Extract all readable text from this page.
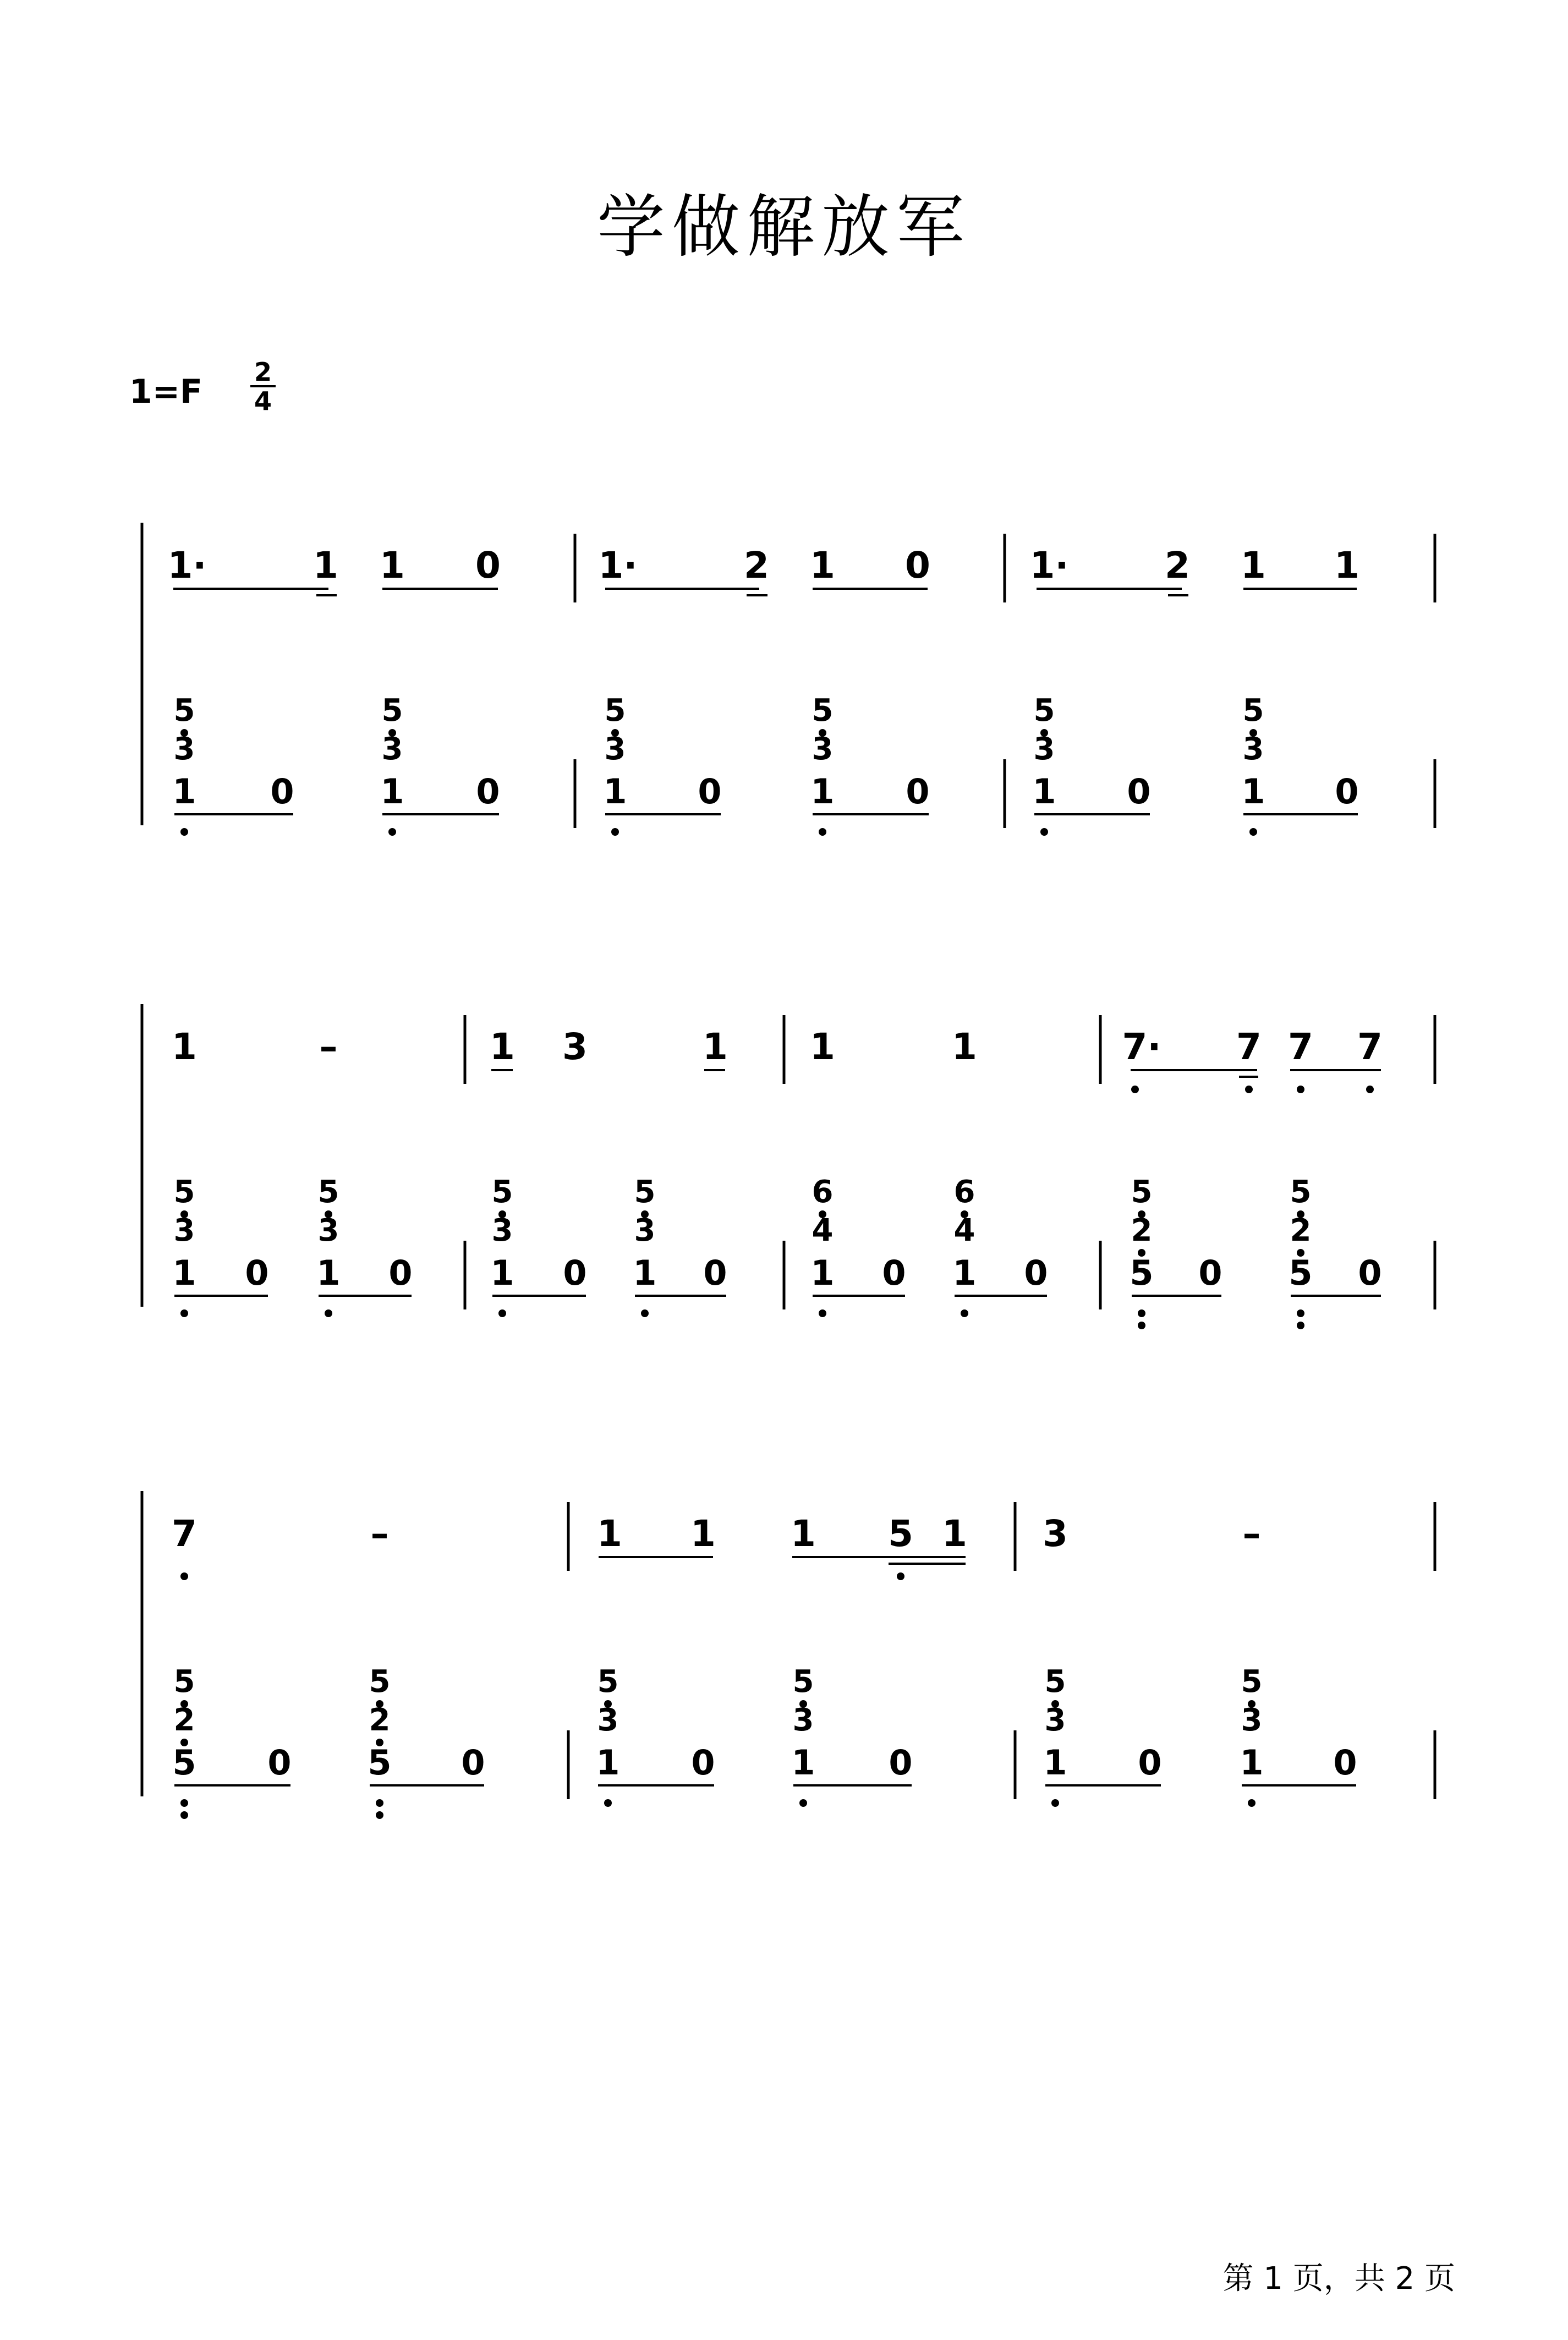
学做解放军
1=F
2
4
1·	1 1 0	1·	2 1 0	1·	2 1 1
5
3
1 0
5
3
1 0
5
3
1 0
5
3
1 0
5
3
1 0
5
3
1 0
1	–	1 3	1 1	1	7· 7 7 7
5
3
1 0
5
3
1 0
5
3
1 0
5
3
1 0
6
4
1 0
6
4
1 0
5
2
5 0
5
2
5 0
7	–	1 1 1 5 1 3	–
5
2
5 0
5
2
5 0
5
3
1 0
5
3
1 0
5
3
1 0
5
3
1 0
第 1 页，共 2 页
